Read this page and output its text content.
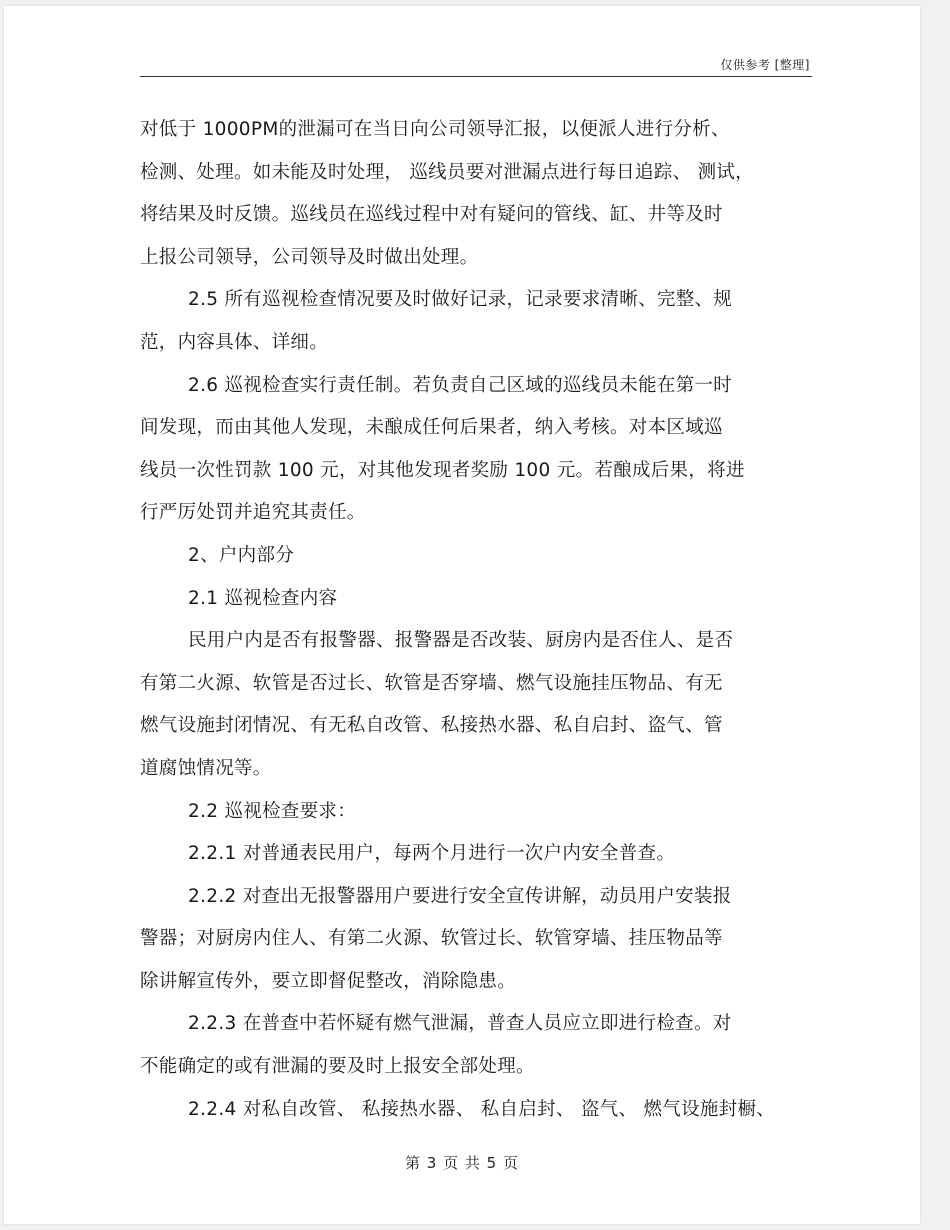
仅供参考 [整理]
对低于 1000PM的泄漏可在当日向公司领导汇报，以便派人进行分析、
检测、处理。如未能及时处理， 巡线员要对泄漏点进行每日追踪、 测试，
将结果及时反馈。巡线员在巡线过程中对有疑问的管线、缸、井等及时
上报公司领导，公司领导及时做出处理。
2.5 所有巡视检查情况要及时做好记录，记录要求清晰、完整、规
范，内容具体、详细。
2.6 巡视检查实行责任制。若负责自己区域的巡线员未能在第一时
间发现，而由其他人发现，未酿成任何后果者，纳入考核。对本区域巡
线员一次性罚款 100 元，对其他发现者奖励 100 元。若酿成后果，将进
行严厉处罚并追究其责任。
2、户内部分
2.1 巡视检查内容
民用户内是否有报警器、报警器是否改装、厨房内是否住人、是否
有第二火源、软管是否过长、软管是否穿墙、燃气设施挂压物品、有无
燃气设施封闭情况、有无私自改管、私接热水器、私自启封、盗气、管
道腐蚀情况等。
2.2 巡视检查要求：
2.2.1 对普通表民用户，每两个月进行一次户内安全普查。
2.2.2 对查出无报警器用户要进行安全宣传讲解，动员用户安装报
警器；对厨房内住人、有第二火源、软管过长、软管穿墙、挂压物品等
除讲解宣传外，要立即督促整改，消除隐患。
2.2.3 在普查中若怀疑有燃气泄漏，普查人员应立即进行检查。对
不能确定的或有泄漏的要及时上报安全部处理。
2.2.4 对私自改管、 私接热水器、 私自启封、 盗气、 燃气设施封橱、
第 3 页 共 5 页
